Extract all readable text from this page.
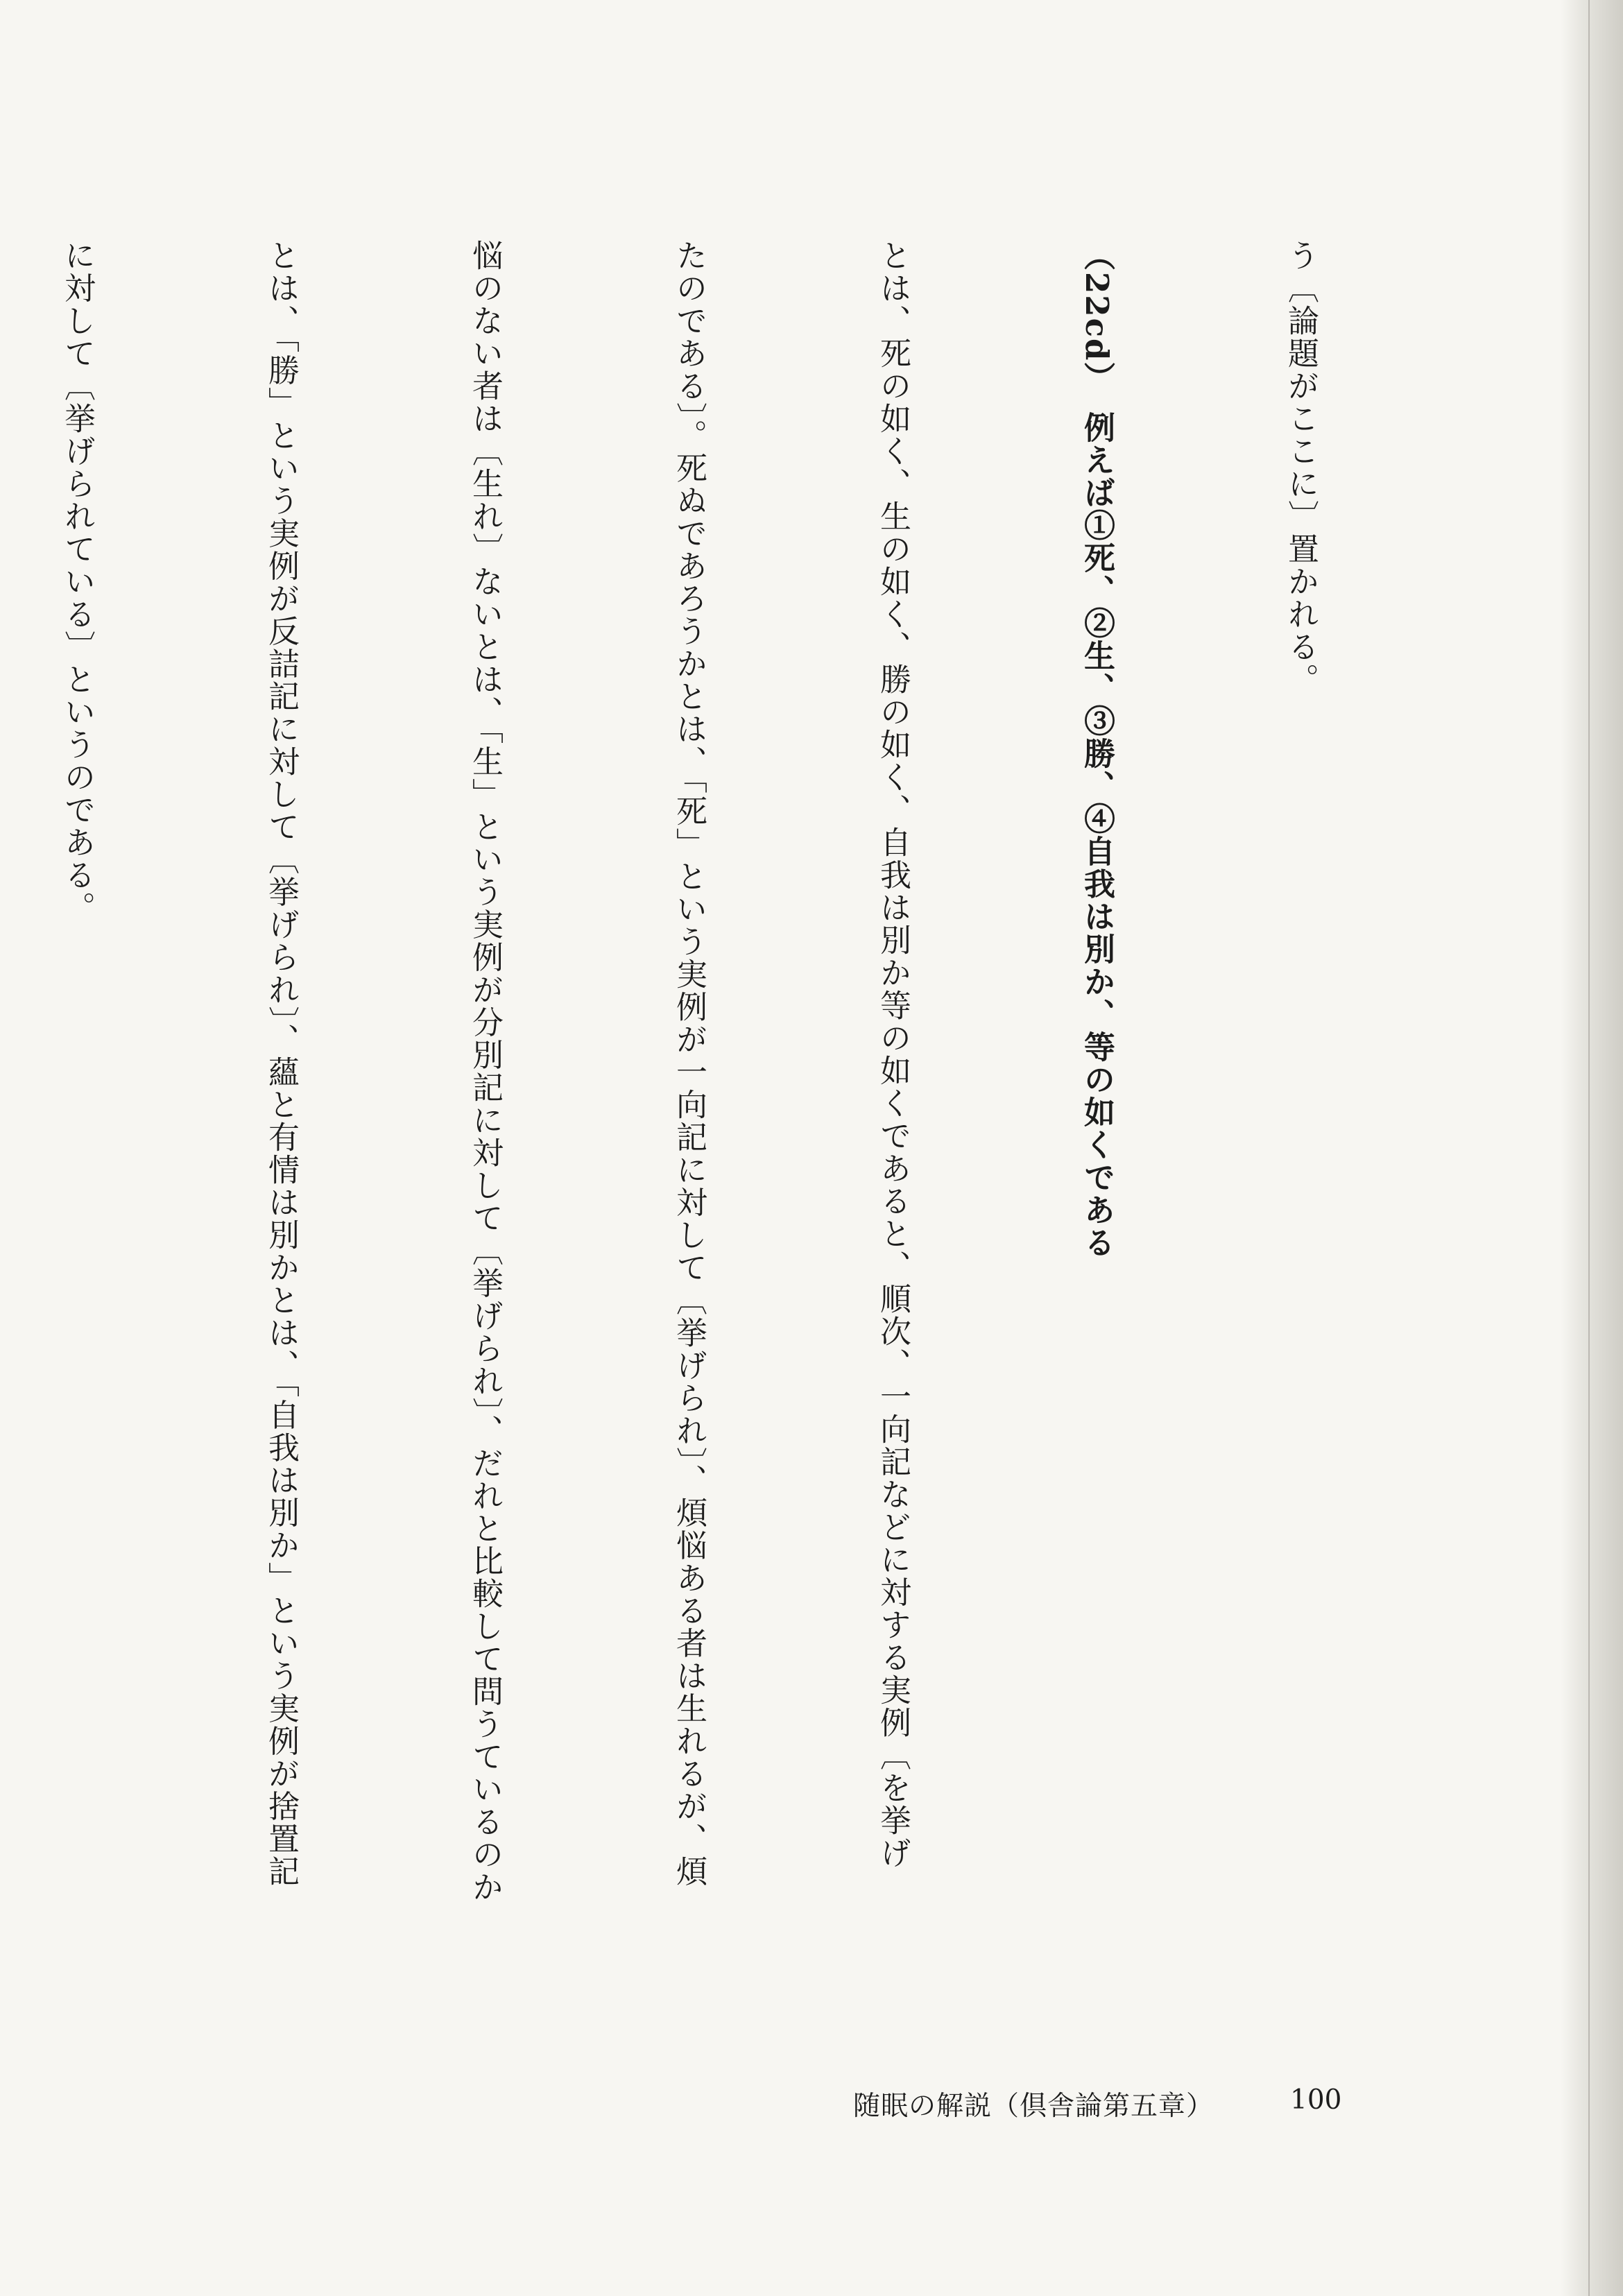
う〔論題がここに〕置かれる。

（22cd）　例えば①死、②生、③勝、④自我は別か、等の如くである

とは、死の如く、生の如く、勝の如く、自我は別か等の如くであると、順次、一向記などに対する実例〔を挙げ

たのである〕。死ぬであろうかとは、「死」という実例が一向記に対して〔挙げられ〕、煩悩ある者は生れるが、煩

悩のない者は〔生れ〕ないとは、「生」という実例が分別記に対して〔挙げられ〕、だれと比較して問うているのか

とは、「勝」という実例が反詰記に対して〔挙げられ〕、蘊と有情は別かとは、「自我は別か」という実例が捨置記

に対して〔挙げられている〕というのである。

随眠の解説（倶舎論第五章）	100
